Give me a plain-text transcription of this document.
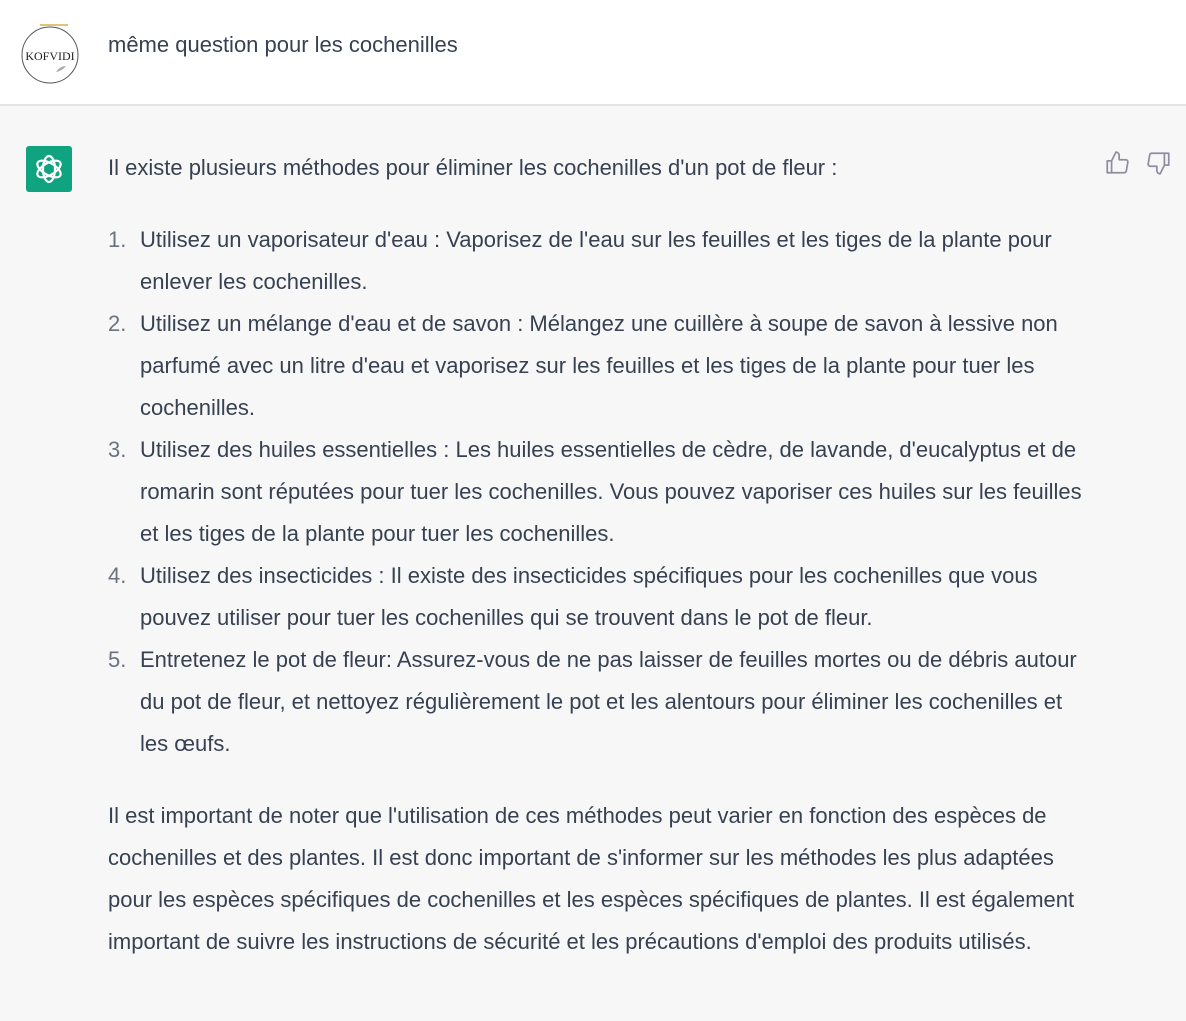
KOFVIDI même question pour les cochenilles

Il existe plusieurs méthodes pour éliminer les cochenilles d'un pot de fleur :

1. Utilisez un vaporisateur d'eau : Vaporisez de l'eau sur les feuilles et les tiges de la plante pour enlever les cochenilles.
2. Utilisez un mélange d'eau et de savon : Mélangez une cuillère à soupe de savon à lessive non parfumé avec un litre d'eau et vaporisez sur les feuilles et les tiges de la plante pour tuer les cochenilles.
3. Utilisez des huiles essentielles : Les huiles essentielles de cèdre, de lavande, d'eucalyptus et de romarin sont réputées pour tuer les cochenilles. Vous pouvez vaporiser ces huiles sur les feuilles et les tiges de la plante pour tuer les cochenilles.
4. Utilisez des insecticides : Il existe des insecticides spécifiques pour les cochenilles que vous pouvez utiliser pour tuer les cochenilles qui se trouvent dans le pot de fleur.
5. Entretenez le pot de fleur: Assurez-vous de ne pas laisser de feuilles mortes ou de débris autour du pot de fleur, et nettoyez régulièrement le pot et les alentours pour éliminer les cochenilles et les œufs.

Il est important de noter que l'utilisation de ces méthodes peut varier en fonction des espèces de cochenilles et des plantes. Il est donc important de s'informer sur les méthodes les plus adaptées pour les espèces spécifiques de cochenilles et les espèces spécifiques de plantes. Il est également important de suivre les instructions de sécurité et les précautions d'emploi des produits utilisés.
